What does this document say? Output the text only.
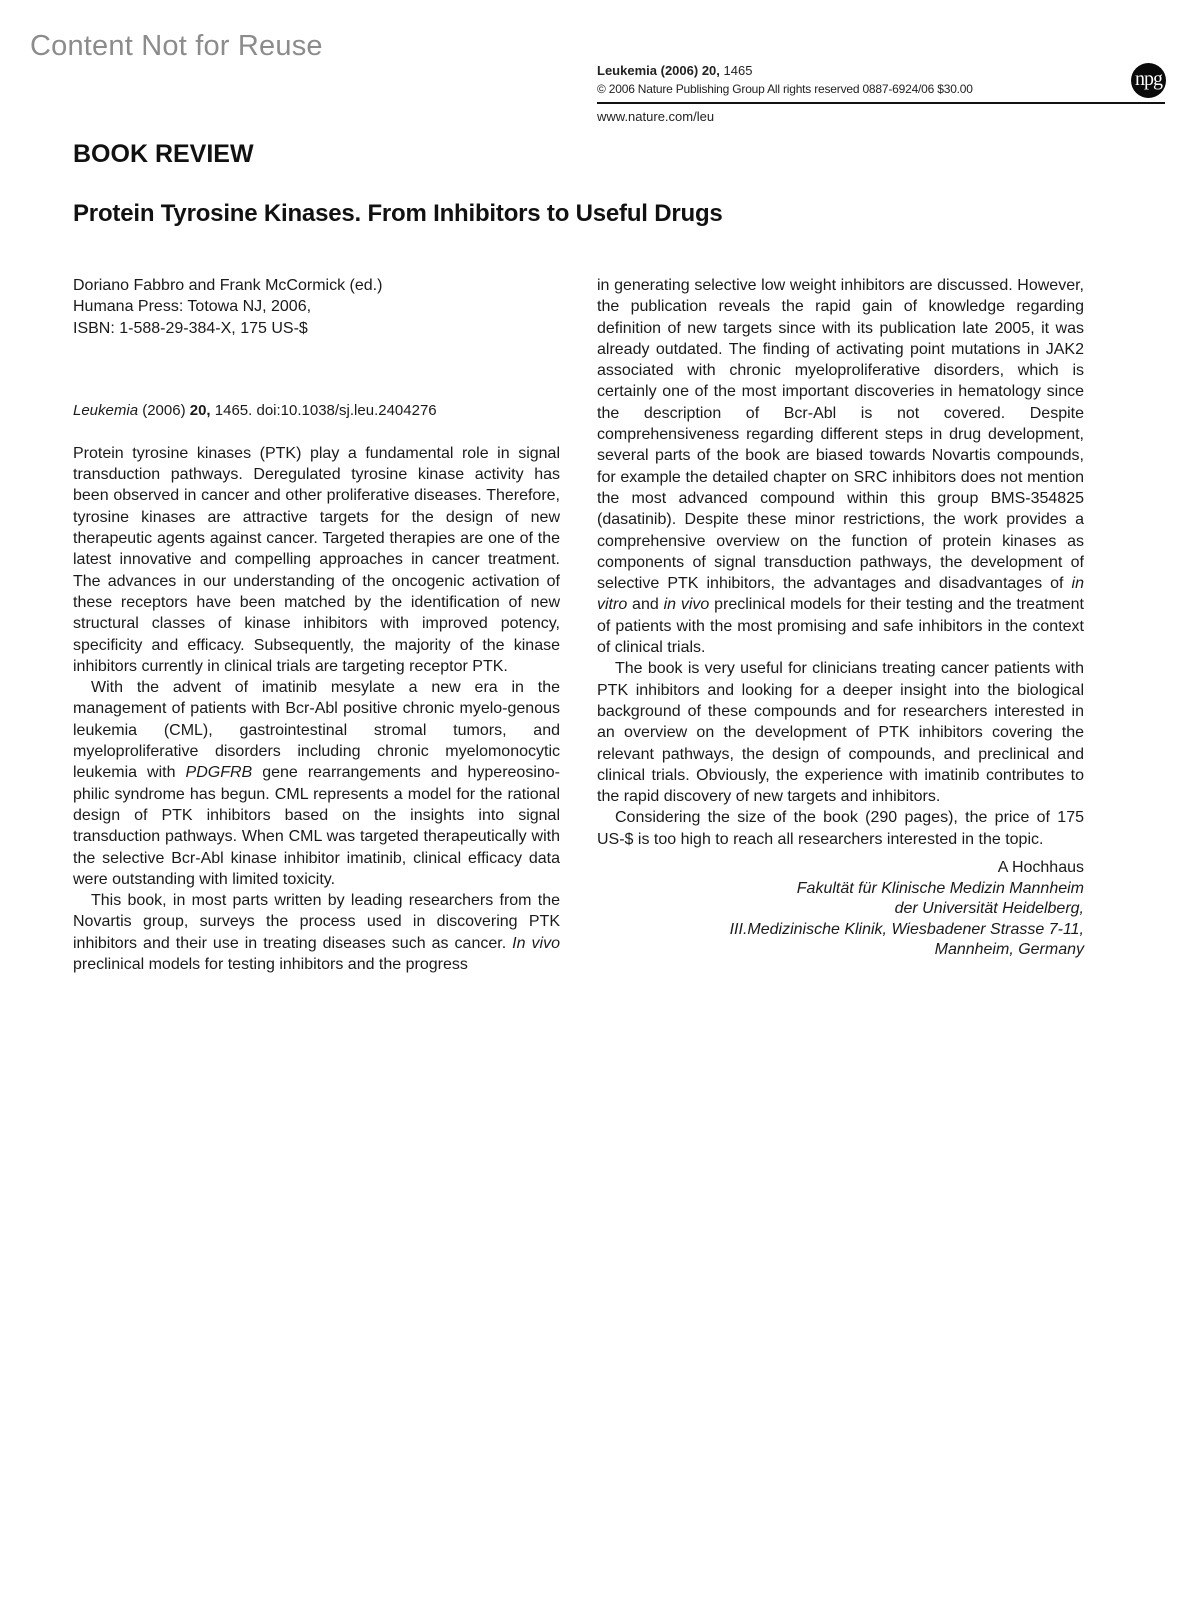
Content Not for Reuse
Leukemia (2006) 20, 1465
© 2006 Nature Publishing Group All rights reserved 0887-6924/06 $30.00	npg
www.nature.com/leu
BOOK REVIEW
Protein Tyrosine Kinases. From Inhibitors to Useful Drugs
Doriano Fabbro and Frank McCormick (ed.)
Humana Press: Totowa NJ, 2006,
ISBN: 1-588-29-384-X, 175 US-$
Leukemia (2006) 20, 1465. doi:10.1038/sj.leu.2404276

Protein tyrosine kinases (PTK) play a fundamental role in signal transduction pathways. Deregulated tyrosine kinase activity has been observed in cancer and other proliferative diseases. Therefore, tyrosine kinases are attractive targets for the design of new therapeutic agents against cancer. Targeted therapies are one of the latest innovative and compelling approaches in cancer treatment. The advances in our understanding of the oncogenic activation of these receptors have been matched by the identification of new structural classes of kinase inhibitors with improved potency, specificity and efficacy. Subsequently, the majority of the kinase inhibitors currently in clinical trials are targeting receptor PTK.

With the advent of imatinib mesylate a new era in the management of patients with Bcr-Abl positive chronic myelo-genous leukemia (CML), gastrointestinal stromal tumors, and myeloproliferative disorders including chronic myelomonocytic leukemia with PDGFRB gene rearrangements and hypereosino-philic syndrome has begun. CML represents a model for the rational design of PTK inhibitors based on the insights into signal transduction pathways. When CML was targeted therapeutically with the selective Bcr-Abl kinase inhibitor imatinib, clinical efficacy data were outstanding with limited toxicity.

This book, in most parts written by leading researchers from the Novartis group, surveys the process used in discovering PTK inhibitors and their use in treating diseases such as cancer. In vivo preclinical models for testing inhibitors and the progress

in generating selective low weight inhibitors are discussed. However, the publication reveals the rapid gain of knowledge regarding definition of new targets since with its publication late 2005, it was already outdated. The finding of activating point mutations in JAK2 associated with chronic myeloproliferative disorders, which is certainly one of the most important discoveries in hematology since the description of Bcr-Abl is not covered. Despite comprehensiveness regarding different steps in drug development, several parts of the book are biased towards Novartis compounds, for example the detailed chapter on SRC inhibitors does not mention the most advanced compound within this group BMS-354825 (dasatinib). Despite these minor restrictions, the work provides a comprehensive overview on the function of protein kinases as components of signal transduction pathways, the development of selective PTK inhibitors, the advantages and disadvantages of in vitro and in vivo preclinical models for their testing and the treatment of patients with the most promising and safe inhibitors in the context of clinical trials.

The book is very useful for clinicians treating cancer patients with PTK inhibitors and looking for a deeper insight into the biological background of these compounds and for researchers interested in an overview on the development of PTK inhibitors covering the relevant pathways, the design of compounds, and preclinical and clinical trials. Obviously, the experience with imatinib contributes to the rapid discovery of new targets and inhibitors.

Considering the size of the book (290 pages), the price of 175 US-$ is too high to reach all researchers interested in the topic.

A Hochhaus
Fakultät für Klinische Medizin Mannheim
der Universität Heidelberg,
III.Medizinische Klinik, Wiesbadener Strasse 7-11,
Mannheim, Germany
